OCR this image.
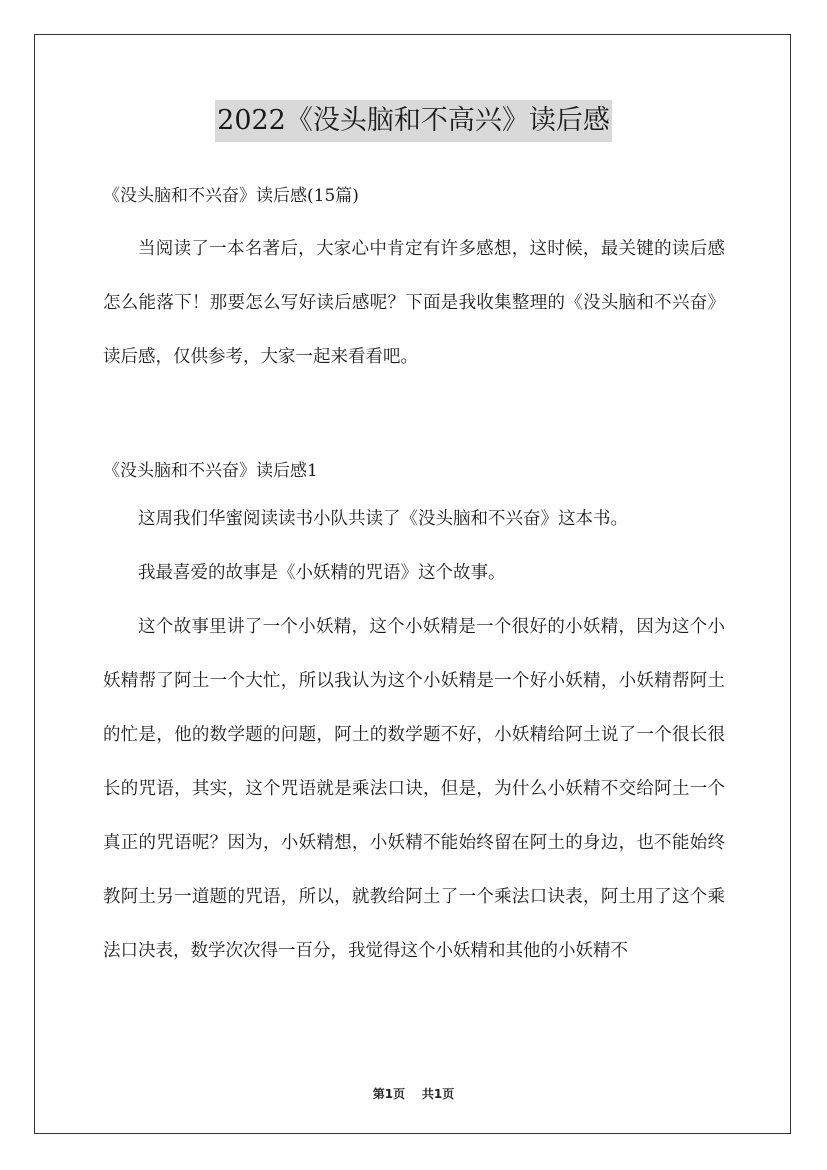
2022《没头脑和不高兴》读后感

《没头脑和不兴奋》读后感(15篇)

当阅读了一本名著后，大家心中肯定有许多感想，这时候，最关键的读后感怎么能落下！那要怎么写好读后感呢？下面是我收集整理的《没头脑和不兴奋》读后感，仅供参考，大家一起来看看吧。

《没头脑和不兴奋》读后感1

这周我们华蜜阅读读书小队共读了《没头脑和不兴奋》这本书。

我最喜爱的故事是《小妖精的咒语》这个故事。

这个故事里讲了一个小妖精，这个小妖精是一个很好的小妖精，因为这个小妖精帮了阿土一个大忙，所以我认为这个小妖精是一个好小妖精，小妖精帮阿土的忙是，他的数学题的问题，阿土的数学题不好，小妖精给阿土说了一个很长很长的咒语，其实，这个咒语就是乘法口诀，但是，为什么小妖精不交给阿土一个真正的咒语呢？因为，小妖精想，小妖精不能始终留在阿土的身边，也不能始终教阿土另一道题的咒语，所以，就教给阿土了一个乘法口诀表，阿土用了这个乘法口决表，数学次次得一百分，我觉得这个小妖精和其他的小妖精不

第1页 共1页
